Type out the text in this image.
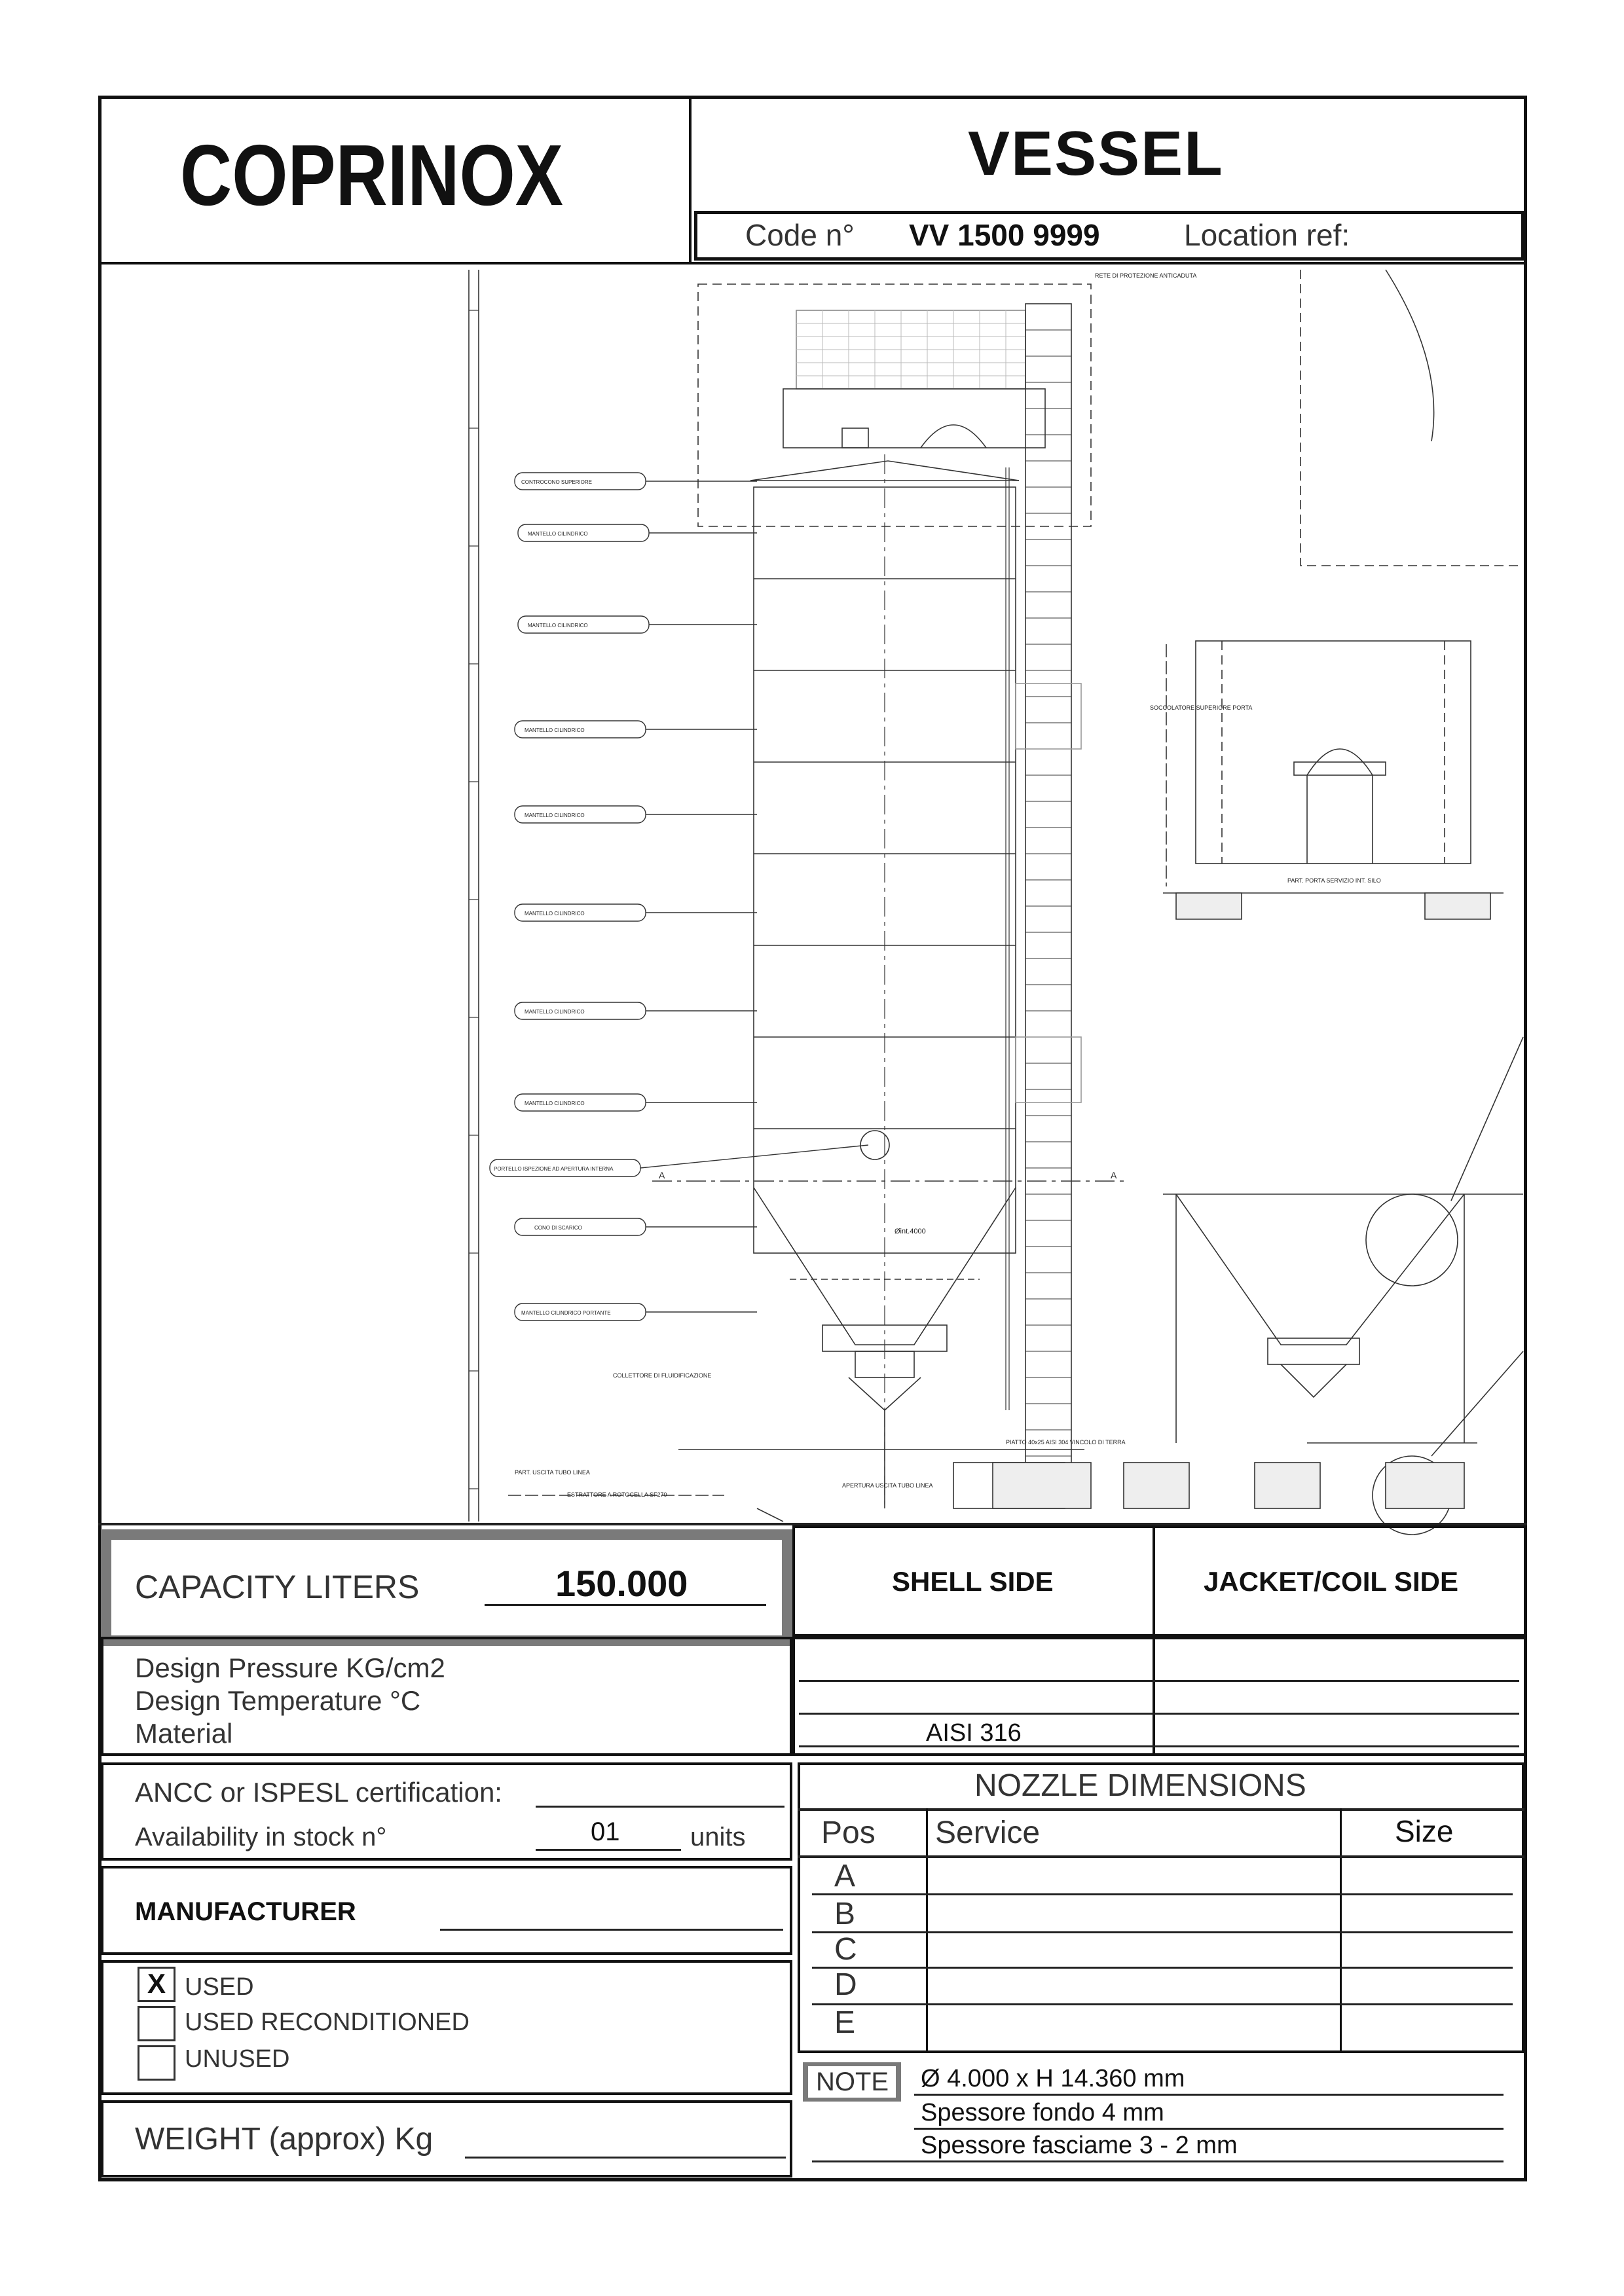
COPRINOX	VESSEL
Code n° VV 1500 9999	Location ref:
RETE DI PROTEZIONE ANTICADUTA
SOCCOLATORE SUPERIORE PORTA
PART. PORTA SERVIZIO INT. SILO
COLLETTORE DI FLUIDIFICAZIONE
PART. USCITA TUBO LINEA
APERTURA USCITA TUBO LINEA
ESTRATTORE A ROTOCELLA SF270
PIATTO 40x25 AISI 304 VINCOLO DI TERRA
Øint.4000
A	A
CONTROCONO SUPERIORE
MANTELLO CILINDRICO
MANTELLO CILINDRICO
MANTELLO CILINDRICO
MANTELLO CILINDRICO
MANTELLO CILINDRICO
MANTELLO CILINDRICO
MANTELLO CILINDRICO
PORTELLO ISPEZIONE AD APERTURA INTERNA
CONO DI SCARICO
MANTELLO CILINDRICO PORTANTE
CAPACITY LITERS	150.000	SHELL SIDE	JACKET/COIL SIDE
Design Pressure KG/cm2
Design Temperature °C
Material	AISI 316
ANCC or ISPESL certification:
Availability in stock n°	01	units
MANUFACTURER
X USED
USED RECONDITIONED
UNUSED
WEIGHT (approx) Kg
NOZZLE DIMENSIONS
Pos Service	Size
A
B
C
D
E
NOTE Ø 4.000 x H 14.360 mm
Spessore fondo 4 mm
Spessore fasciame 3 - 2 mm
